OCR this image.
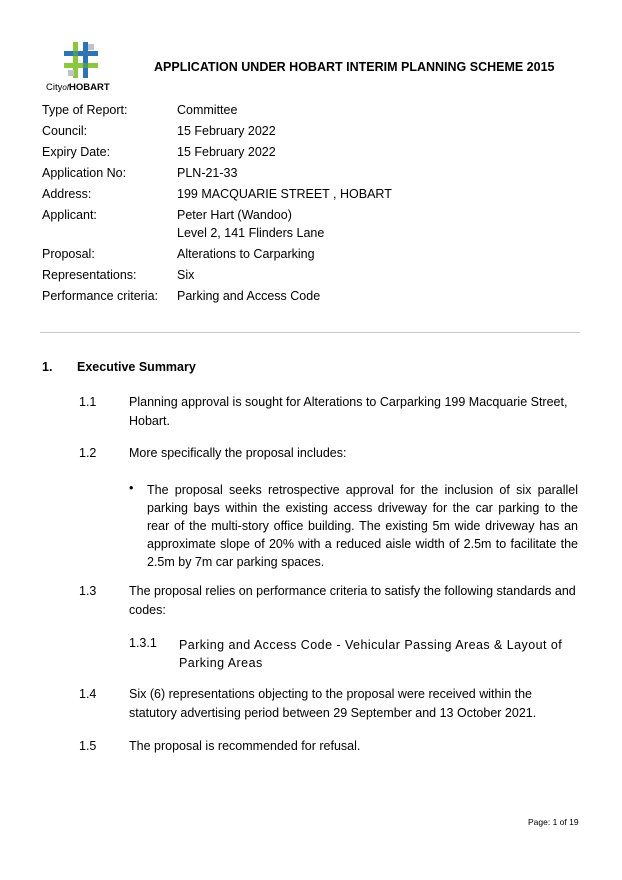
CityofHOBART
APPLICATION UNDER HOBART INTERIM PLANNING SCHEME 2015
Type of Report:	Committee
Council:	15 February 2022
Expiry Date:	15 February 2022
Application No:	PLN-21-33
Address:	199 MACQUARIE STREET , HOBART
Applicant:	Peter Hart (Wandoo)
Level 2, 141 Flinders Lane
Proposal:	Alterations to Carparking
Representations:	Six
Performance criteria:	Parking and Access Code
1. Executive Summary
1.1	Planning approval is sought for Alterations to Carparking 199 Macquarie Street, Hobart.
1.2	More specifically the proposal includes:
• The proposal seeks retrospective approval for the inclusion of six parallel parking bays within the existing access driveway for the car parking to the rear of the multi-story office building. The existing 5m wide driveway has an approximate slope of 20% with a reduced aisle width of 2.5m to facilitate the 2.5m by 7m car parking spaces.
1.3	The proposal relies on performance criteria to satisfy the following standards and codes:
1.3.1 Parking and Access Code - Vehicular Passing Areas & Layout of Parking Areas
1.4	Six (6) representations objecting to the proposal were received within the statutory advertising period between 29 September and 13 October 2021.
1.5	The proposal is recommended for refusal.
Page: 1 of 19
